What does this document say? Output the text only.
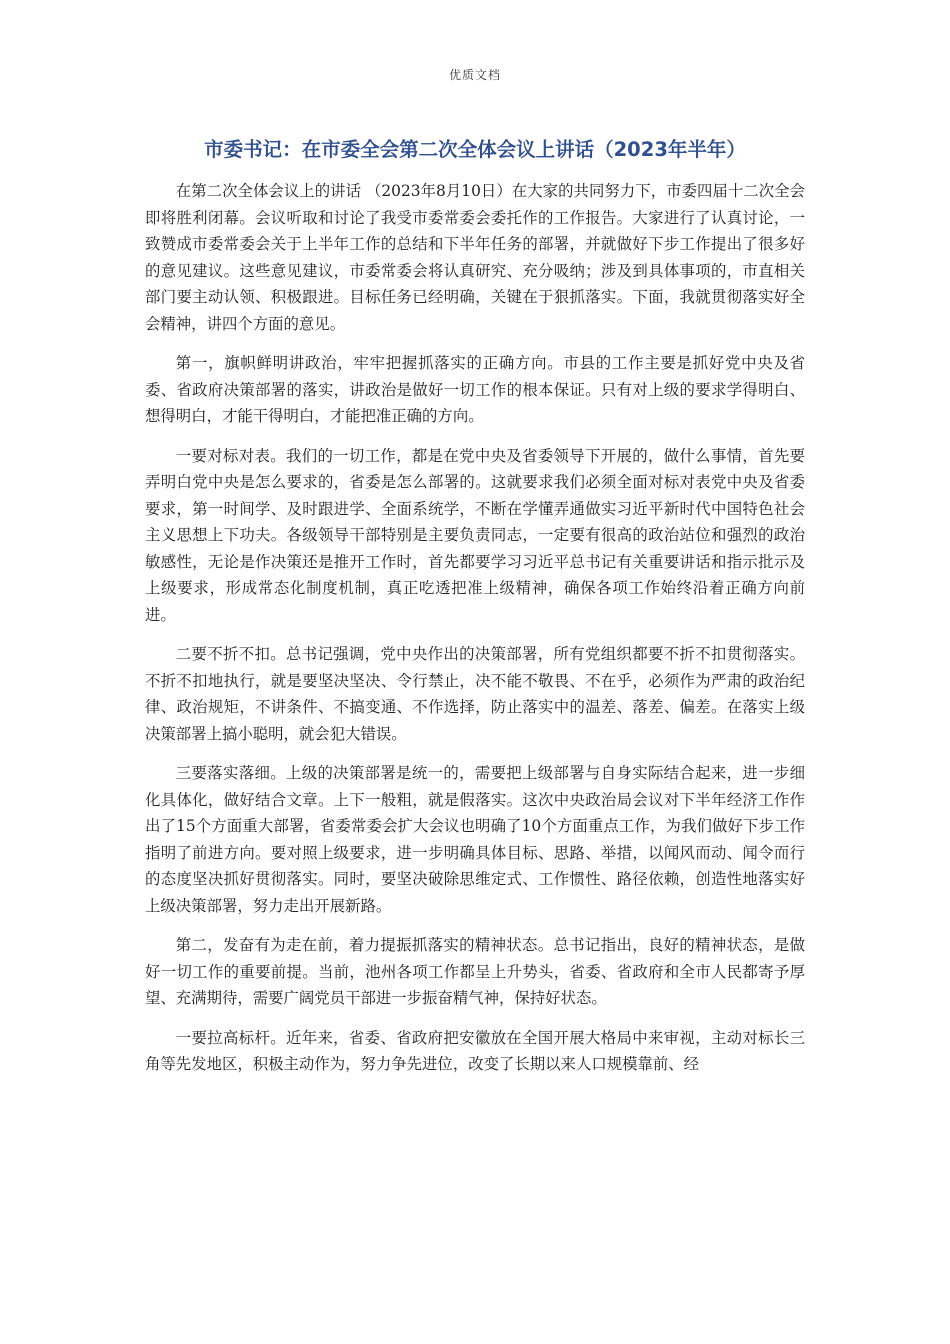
优质文档
市委书记：在市委全会第二次全体会议上讲话（2023年半年）

在第二次全体会议上的讲话 （2023年8月10日）在大家的共同努力下，市委四届十二次全会即将胜利闭幕。会议听取和讨论了我受市委常委会委托作的工作报告。大家进行了认真讨论，一致赞成市委常委会关于上半年工作的总结和下半年任务的部署，并就做好下步工作提出了很多好的意见建议。这些意见建议，市委常委会将认真研究、充分吸纳；涉及到具体事项的，市直相关部门要主动认领、积极跟进。目标任务已经明确，关键在于狠抓落实。下面，我就贯彻落实好全会精神，讲四个方面的意见。

第一，旗帜鲜明讲政治，牢牢把握抓落实的正确方向。市县的工作主要是抓好党中央及省委、省政府决策部署的落实，讲政治是做好一切工作的根本保证。只有对上级的要求学得明白、想得明白，才能干得明白，才能把准正确的方向。

一要对标对表。我们的一切工作，都是在党中央及省委领导下开展的，做什么事情，首先要弄明白党中央是怎么要求的，省委是怎么部署的。这就要求我们必须全面对标对表党中央及省委要求，第一时间学、及时跟进学、全面系统学，不断在学懂弄通做实习近平新时代中国特色社会主义思想上下功夫。各级领导干部特别是主要负责同志，一定要有很高的政治站位和强烈的政治敏感性，无论是作决策还是推开工作时，首先都要学习习近平总书记有关重要讲话和指示批示及上级要求，形成常态化制度机制，真正吃透把准上级精神，确保各项工作始终沿着正确方向前进。

二要不折不扣。总书记强调，党中央作出的决策部署，所有党组织都要不折不扣贯彻落实。不折不扣地执行，就是要坚决坚决、令行禁止，决不能不敬畏、不在乎，必须作为严肃的政治纪律、政治规矩，不讲条件、不搞变通、不作选择，防止落实中的温差、落差、偏差。在落实上级决策部署上搞小聪明，就会犯大错误。

三要落实落细。上级的决策部署是统一的，需要把上级部署与自身实际结合起来，进一步细化具体化，做好结合文章。上下一般粗，就是假落实。这次中央政治局会议对下半年经济工作作出了15个方面重大部署，省委常委会扩大会议也明确了10个方面重点工作，为我们做好下步工作指明了前进方向。要对照上级要求，进一步明确具体目标、思路、举措，以闻风而动、闻令而行的态度坚决抓好贯彻落实。同时，要坚决破除思维定式、工作惯性、路径依赖，创造性地落实好上级决策部署，努力走出开展新路。

第二，发奋有为走在前，着力提振抓落实的精神状态。总书记指出，良好的精神状态，是做好一切工作的重要前提。当前，池州各项工作都呈上升势头，省委、省政府和全市人民都寄予厚望、充满期待，需要广阔党员干部进一步振奋精气神，保持好状态。

一要拉高标杆。近年来，省委、省政府把安徽放在全国开展大格局中来审视，主动对标长三角等先发地区，积极主动作为，努力争先进位，改变了长期以来人口规模靠前、经
